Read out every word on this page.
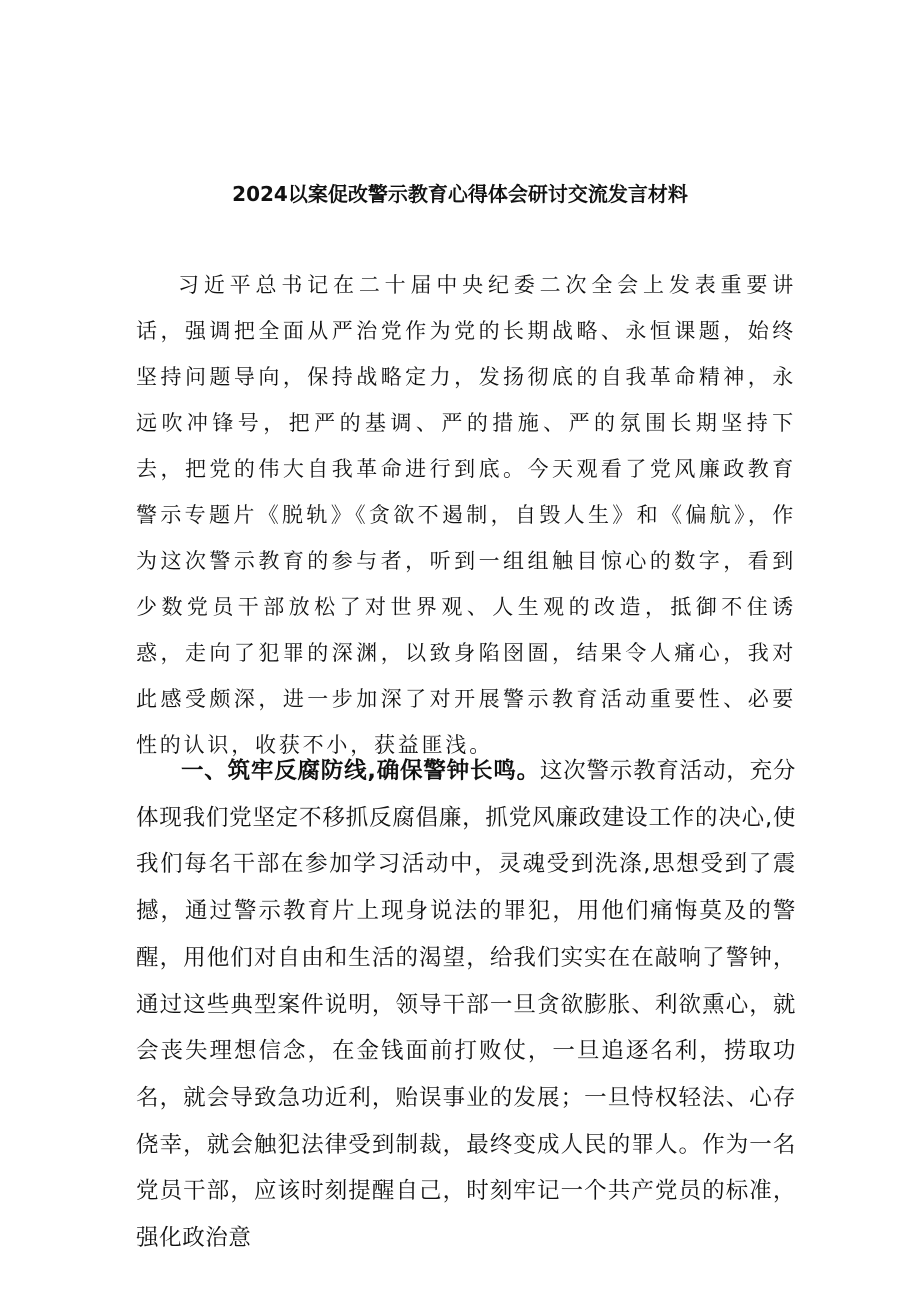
2024以案促改警示教育心得体会研讨交流发言材料

习近平总书记在二十届中央纪委二次全会上发表重要讲话，强调把全面从严治党作为党的长期战略、永恒课题，始终坚持问题导向，保持战略定力，发扬彻底的自我革命精神，永远吹冲锋号，把严的基调、严的措施、严的氛围长期坚持下去，把党的伟大自我革命进行到底。今天观看了党风廉政教育警示专题片《脱轨》《贪欲不遏制，自毁人生》和《偏航》，作为这次警示教育的参与者，听到一组组触目惊心的数字，看到少数党员干部放松了对世界观、人生观的改造，抵御不住诱惑，走向了犯罪的深渊，以致身陷囹圄，结果令人痛心，我对此感受颇深，进一步加深了对开展警示教育活动重要性、必要性的认识，收获不小，获益匪浅。

一、筑牢反腐防线,确保警钟长鸣。这次警示教育活动，充分体现我们党坚定不移抓反腐倡廉，抓党风廉政建设工作的决心,使我们每名干部在参加学习活动中，灵魂受到洗涤,思想受到了震撼，通过警示教育片上现身说法的罪犯，用他们痛悔莫及的警醒，用他们对自由和生活的渴望，给我们实实在在敲响了警钟，通过这些典型案件说明，领导干部一旦贪欲膨胀、利欲熏心，就会丧失理想信念，在金钱面前打败仗，一旦追逐名利，捞取功名，就会导致急功近利，贻误事业的发展；一旦恃权轻法、心存侥幸，就会触犯法律受到制裁，最终变成人民的罪人。作为一名党员干部，应该时刻提醒自己，时刻牢记一个共产党员的标准，强化政治意
